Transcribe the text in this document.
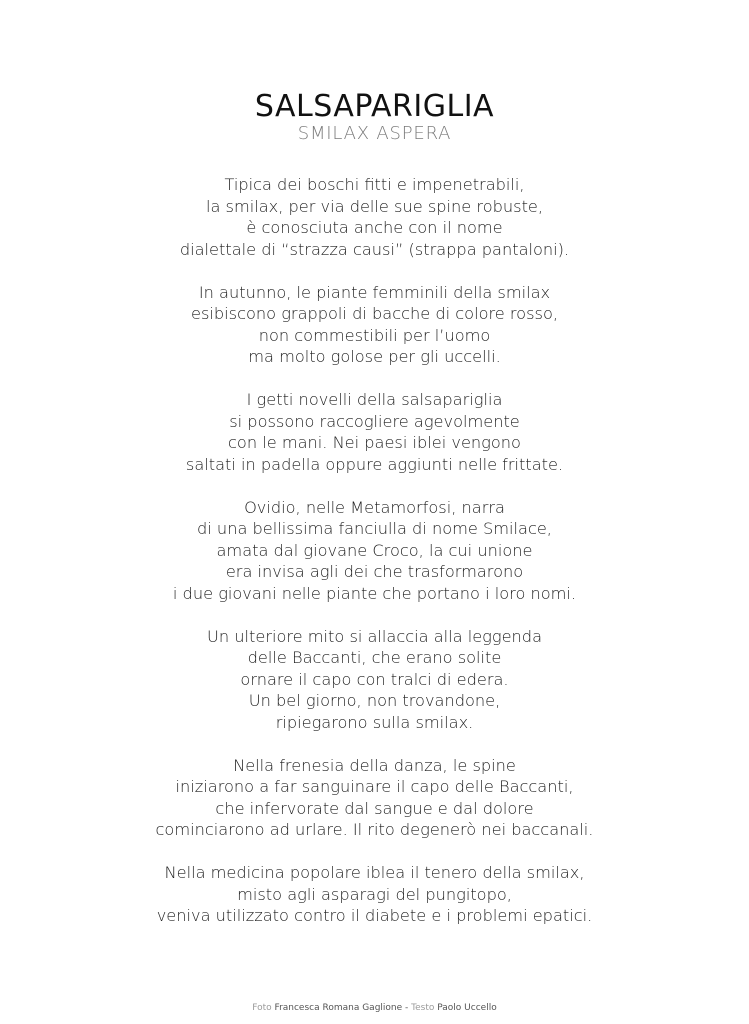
SALSAPARIGLIA
SMILAX ASPERA

Tipica dei boschi fitti e impenetrabili,
la smilax, per via delle sue spine robuste,
è conosciuta anche con il nome
dialettale di “strazza causi” (strappa pantaloni).

In autunno, le piante femminili della smilax
esibiscono grappoli di bacche di colore rosso,
non commestibili per l’uomo
ma molto golose per gli uccelli.

I getti novelli della salsapariglia
si possono raccogliere agevolmente
con le mani. Nei paesi iblei vengono
saltati in padella oppure aggiunti nelle frittate.

Ovidio, nelle Metamorfosi, narra
di una bellissima fanciulla di nome Smilace,
amata dal giovane Croco, la cui unione
era invisa agli dei che trasformarono
i due giovani nelle piante che portano i loro nomi.

Un ulteriore mito si allaccia alla leggenda
delle Baccanti, che erano solite
ornare il capo con tralci di edera.
Un bel giorno, non trovandone,
ripiegarono sulla smilax.

Nella frenesia della danza, le spine
iniziarono a far sanguinare il capo delle Baccanti,
che infervorate dal sangue e dal dolore
cominciarono ad urlare. Il rito degenerò nei baccanali.

Nella medicina popolare iblea il tenero della smilax,
misto agli asparagi del pungitopo,
veniva utilizzato contro il diabete e i problemi epatici.

Foto Francesca Romana Gaglione - Testo Paolo Uccello
